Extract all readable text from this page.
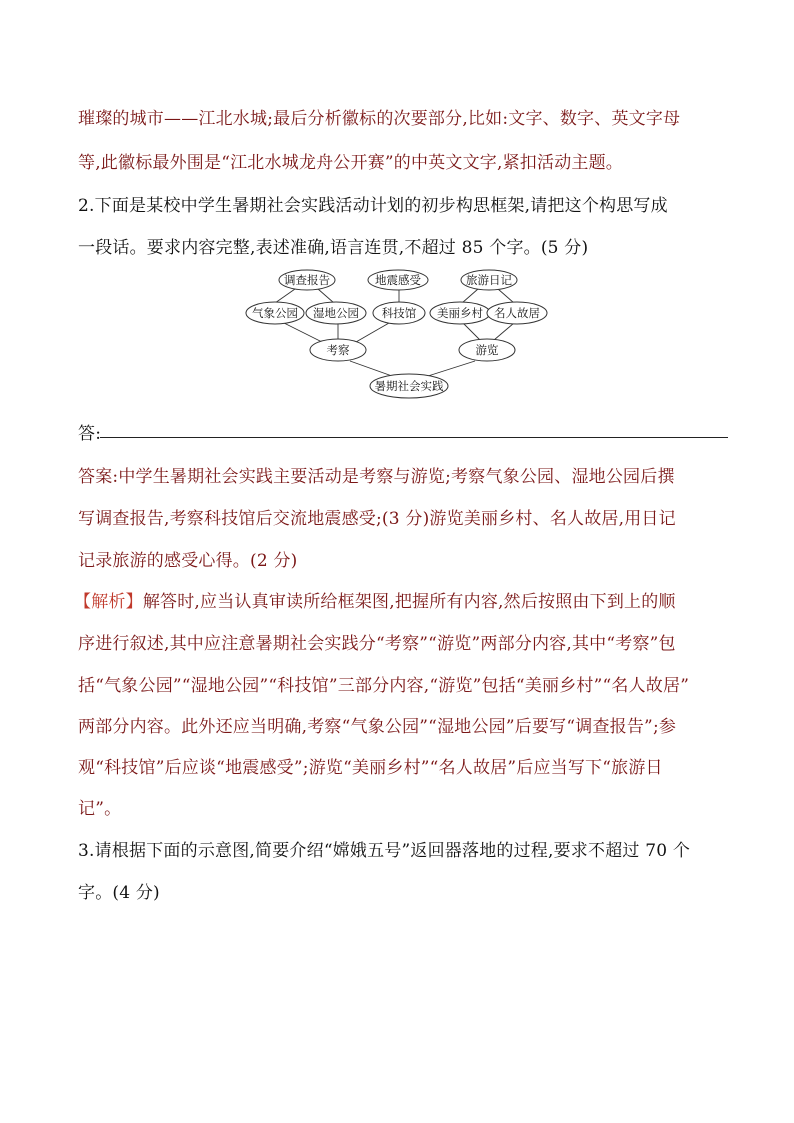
璀璨的城市——江北水城;最后分析徽标的次要部分,比如:文字、数字、英文字母
等,此徽标最外围是“江北水城龙舟公开赛”的中英文文字,紧扣活动主题。
2.下面是某校中学生暑期社会实践活动计划的初步构思框架,请把这个构思写成
一段话。要求内容完整,表述准确,语言连贯,不超过 85 个字。(5 分)
调查报告	地震感受	旅游日记
气象公园 湿地公园 科技馆 美丽乡村 名人故居
考察	游览
暑期社会实践
答:
答案:中学生暑期社会实践主要活动是考察与游览;考察气象公园、湿地公园后撰
写调查报告,考察科技馆后交流地震感受;(3 分)游览美丽乡村、名人故居,用日记
记录旅游的感受心得。(2 分)
【解析】解答时,应当认真审读所给框架图,把握所有内容,然后按照由下到上的顺
序进行叙述,其中应注意暑期社会实践分“考察”“游览”两部分内容,其中“考察”包
括“气象公园”“湿地公园”“科技馆”三部分内容,“游览”包括“美丽乡村”“名人故居”
两部分内容。此外还应当明确,考察“气象公园”“湿地公园”后要写“调查报告”;参
观“科技馆”后应谈“地震感受”;游览“美丽乡村”“名人故居”后应当写下“旅游日
记”。
3.请根据下面的示意图,简要介绍“嫦娥五号”返回器落地的过程,要求不超过 70 个
字。(4 分)
